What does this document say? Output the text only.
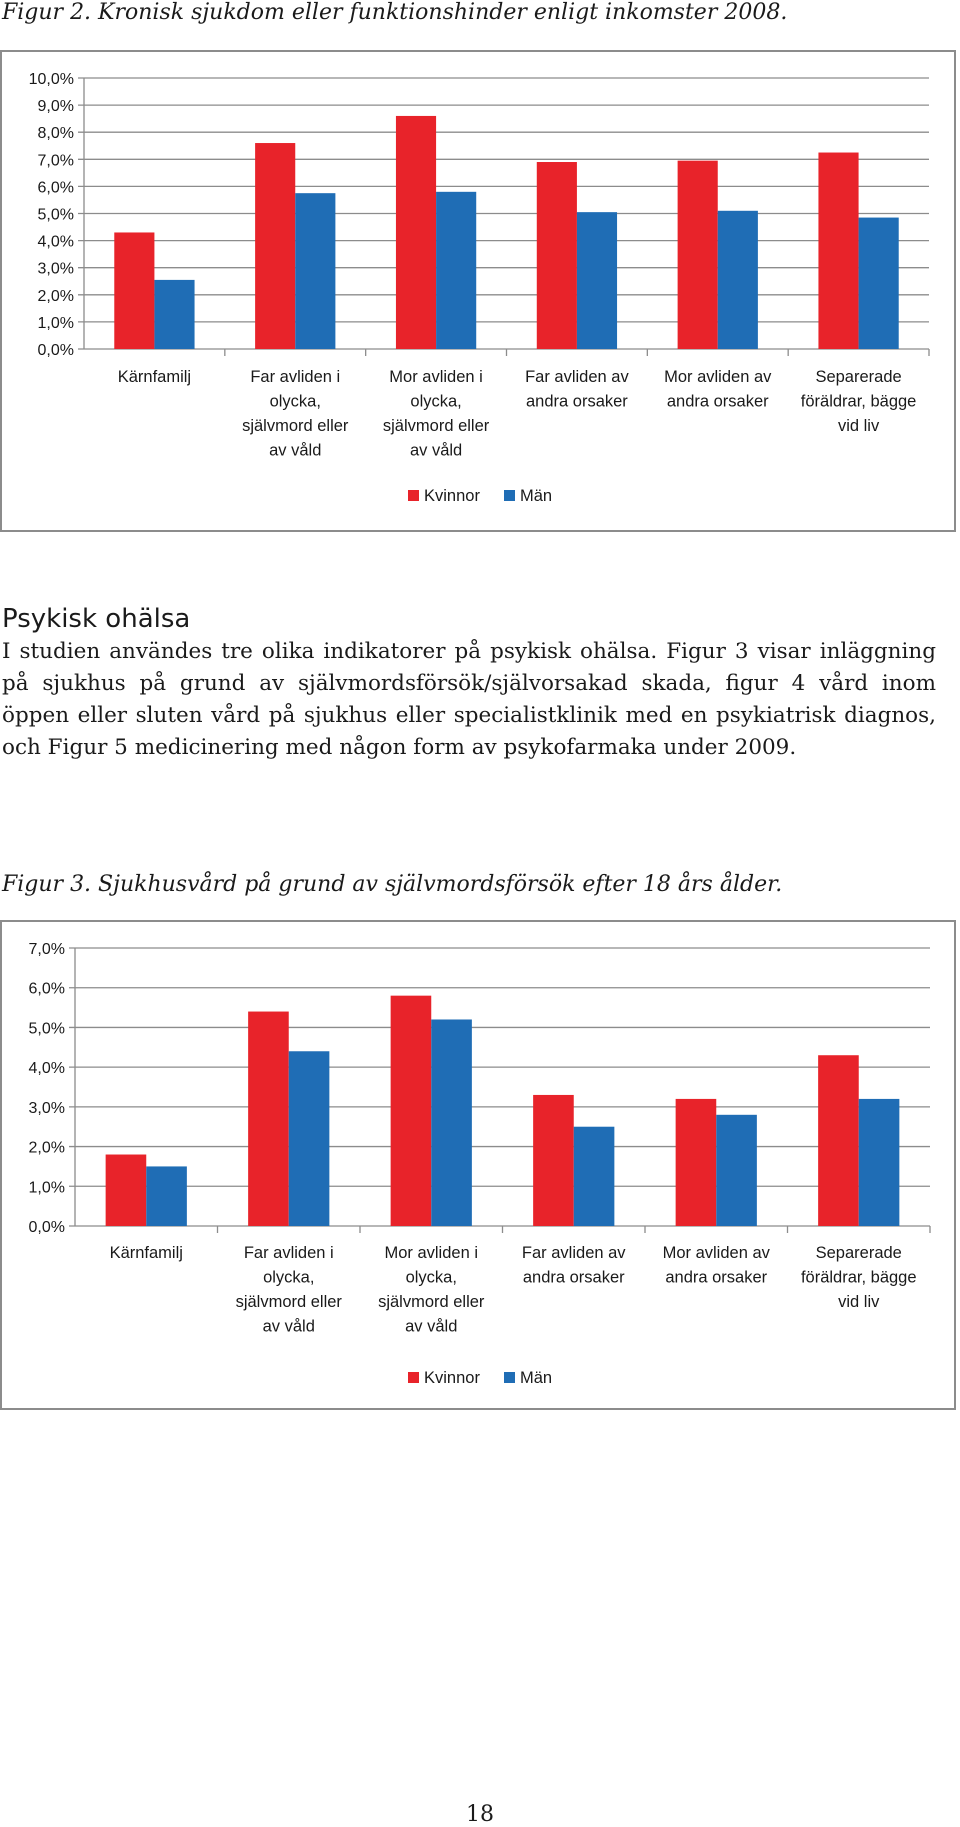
Figur 2. Kronisk sjukdom eller funktionshinder enligt inkomster 2008.
0,0%
1,0%
2,0%
3,0%
4,0%
5,0%
6,0%
7,0%
8,0%
9,0%
10,0%
Kärnfamilj	Far avliden i olycka, självmord eller av våld
Mor avliden i olycka, självmord eller av våld
Far avliden av andra orsaker
Mor avliden av andra orsaker
Separerade föräldrar, bägge vid liv
Kvinnor Män
Psykisk ohälsa
I studien användes tre olika indikatorer på psykisk ohälsa. Figur 3 visar inläggning på sjukhus på grund av självmordsförsök/självorsakad skada, figur 4 vård inom öppen eller sluten vård på sjukhus eller specialistklinik med en psykiatrisk diagnos, och Figur 5 medicinering med någon form av psykofarmaka under 2009.
Figur 3. Sjukhusvård på grund av självmordsförsök efter 18 års ålder.
0,0%
1,0%
2,0%
3,0%
4,0%
5,0%
6,0%
7,0%
Kärnfamilj	Far avliden i olycka, självmord eller av våld
Mor avliden i olycka, självmord eller av våld
Far avliden av andra orsaker
Mor avliden av andra orsaker
Separerade föräldrar, bägge vid liv
Kvinnor Män
18
